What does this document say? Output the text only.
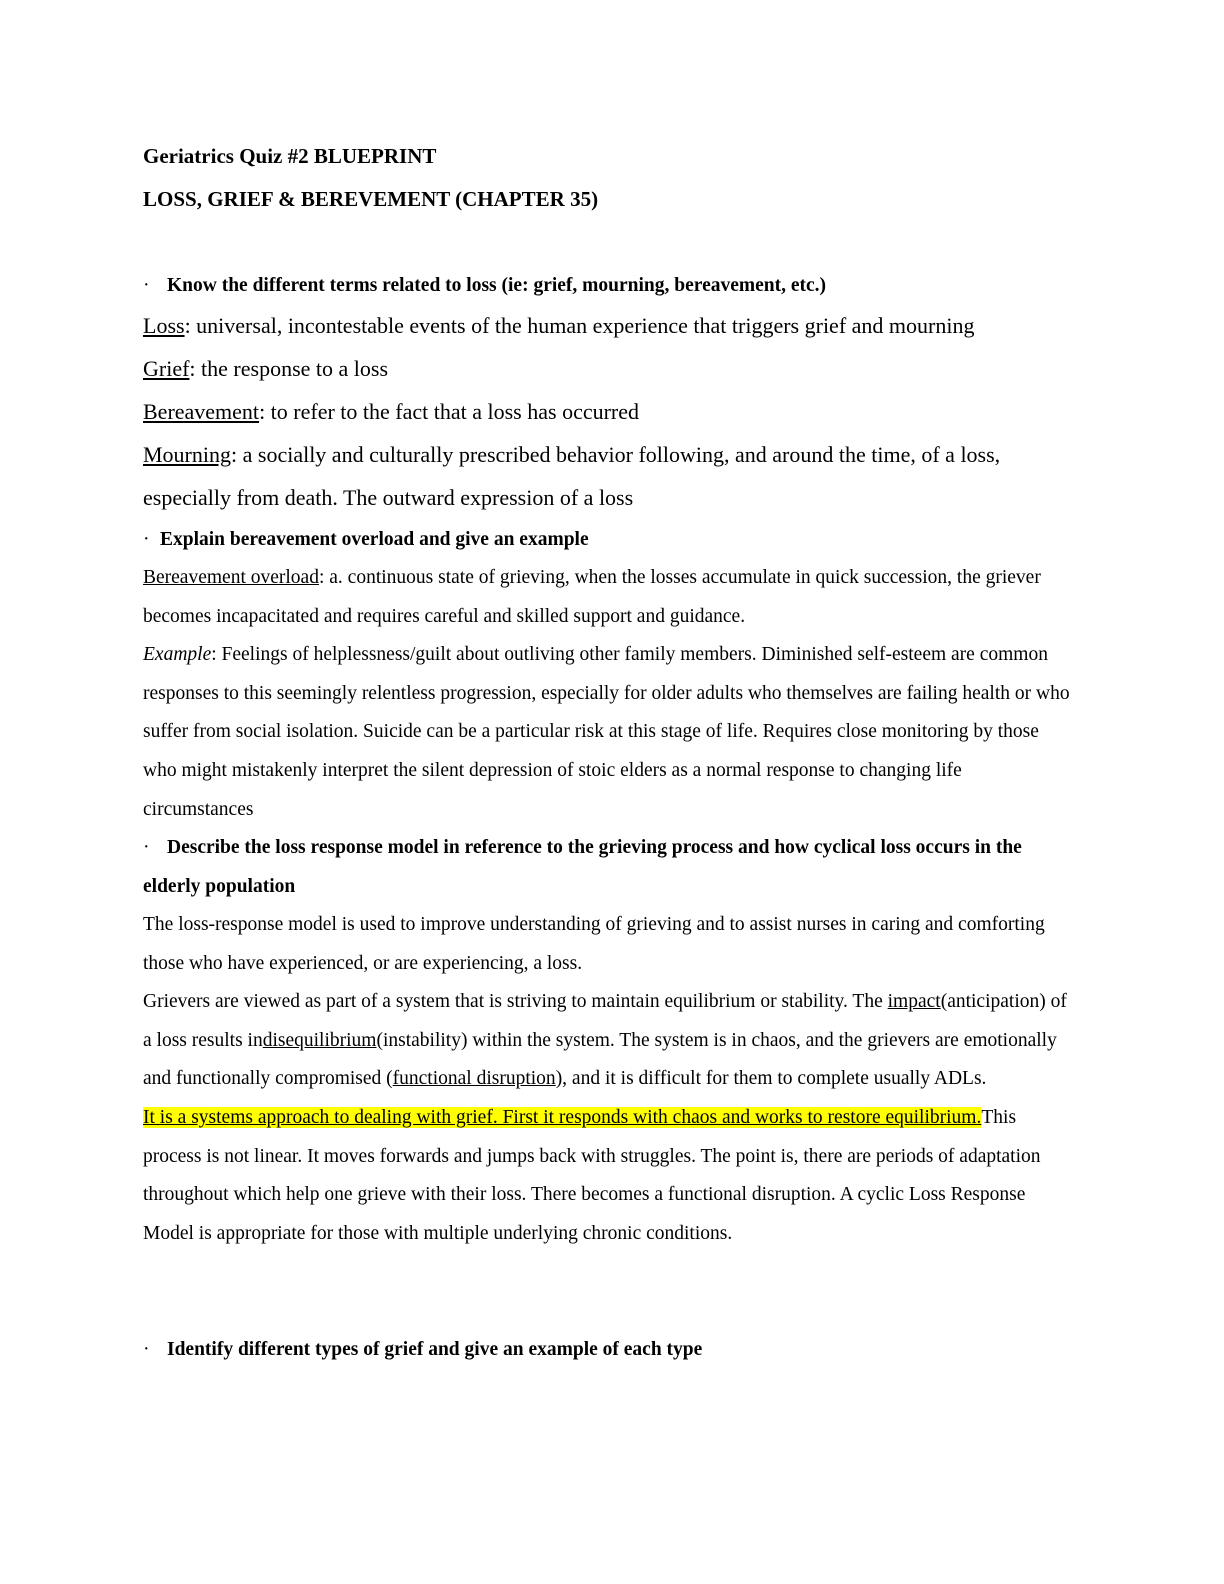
Geriatrics Quiz #2 BLUEPRINT
LOSS, GRIEF & BEREVEMENT (CHAPTER 35)
· Know the different terms related to loss (ie: grief, mourning, bereavement, etc.)
Loss: universal, incontestable events of the human experience that triggers grief and mourning
Grief: the response to a loss
Bereavement: to refer to the fact that a loss has occurred
Mourning: a socially and culturally prescribed behavior following, and around the time, of a loss, especially from death. The outward expression of a loss
· Explain bereavement overload and give an example
Bereavement overload: a. continuous state of grieving, when the losses accumulate in quick succession, the griever becomes incapacitated and requires careful and skilled support and guidance.
Example: Feelings of helplessness/guilt about outliving other family members. Diminished self-esteem are common responses to this seemingly relentless progression, especially for older adults who themselves are failing health or who suffer from social isolation. Suicide can be a particular risk at this stage of life. Requires close monitoring by those who might mistakenly interpret the silent depression of stoic elders as a normal response to changing life circumstances
· Describe the loss response model in reference to the grieving process and how cyclical loss occurs in the elderly population
The loss-response model is used to improve understanding of grieving and to assist nurses in caring and comforting those who have experienced, or are experiencing, a loss.
Grievers are viewed as part of a system that is striving to maintain equilibrium or stability. The impact(anticipation) of a loss results indisequilibrium(instability) within the system. The system is in chaos, and the grievers are emotionally and functionally compromised (functional disruption), and it is difficult for them to complete usually ADLs.
It is a systems approach to dealing with grief. First it responds with chaos and works to restore equilibrium.This process is not linear. It moves forwards and jumps back with struggles. The point is, there are periods of adaptation throughout which help one grieve with their loss. There becomes a functional disruption. A cyclic Loss Response Model is appropriate for those with multiple underlying chronic conditions.
· Identify different types of grief and give an example of each type
